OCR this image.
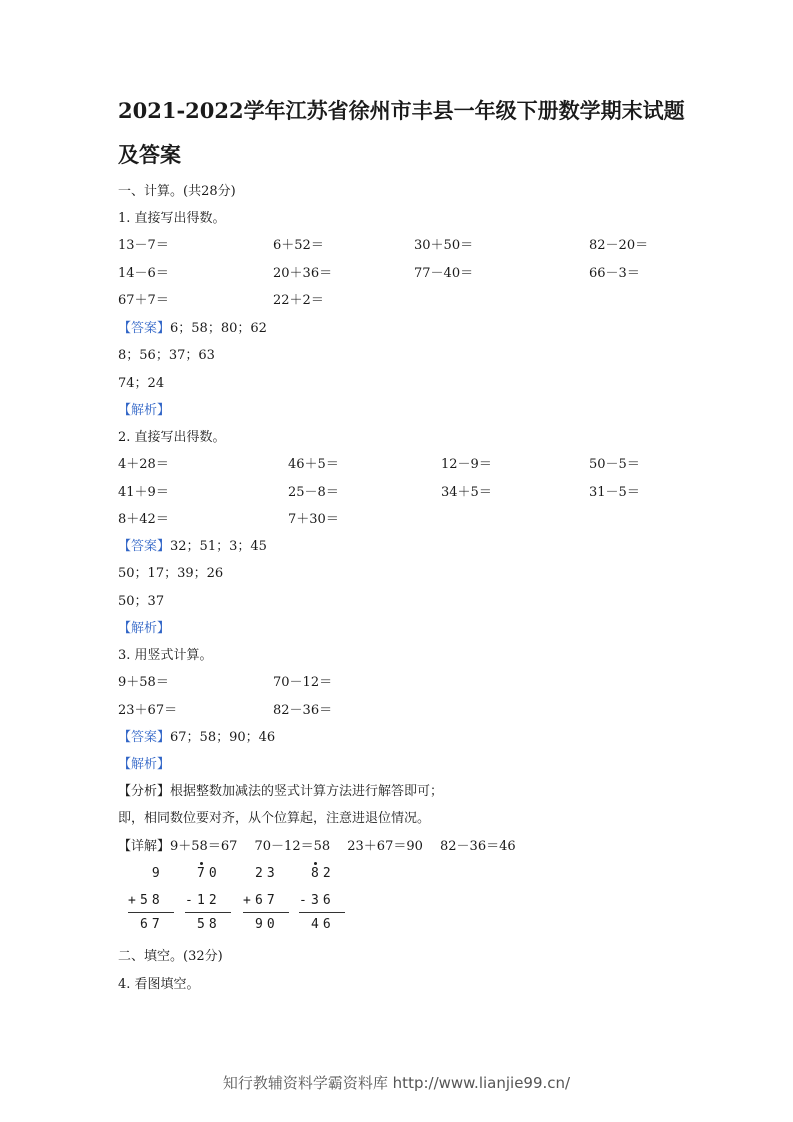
2021-2022学年江苏省徐州市丰县一年级下册数学期末试题
及答案
一、计算。(共28分)
1. 直接写出得数。
13－7＝	6＋52＝	30＋50＝	82－20＝
14－6＝	20＋36＝	77－40＝	66－3＝
67＋7＝	22＋2＝
【答案】6；58；80；62
8；56；37；63
74；24
【解析】
2. 直接写出得数。
4＋28＝	46＋5＝	12－9＝	50－5＝
41＋9＝	25－8＝	34＋5＝	31－5＝
8＋42＝	7＋30＝
【答案】32；51；3；45
50；17；39；26
50；37
【解析】
3. 用竖式计算。
9＋58＝	70－12＝
23＋67＝	82－36＝
【答案】67；58；90；46
【解析】
【分析】根据整数加减法的竖式计算方法进行解答即可；
即，相同数位要对齐，从个位算起，注意进退位情况。
【详解】9＋58＝67　 70－12＝58　 23＋67＝90　 82－36＝46
9
+ 58
67
70
- 12
58
23
+ 67
90
82
- 36
46
二、填空。(32分)
4. 看图填空。
知行教辅资料学霸资料库 http://www.lianjie99.cn/
